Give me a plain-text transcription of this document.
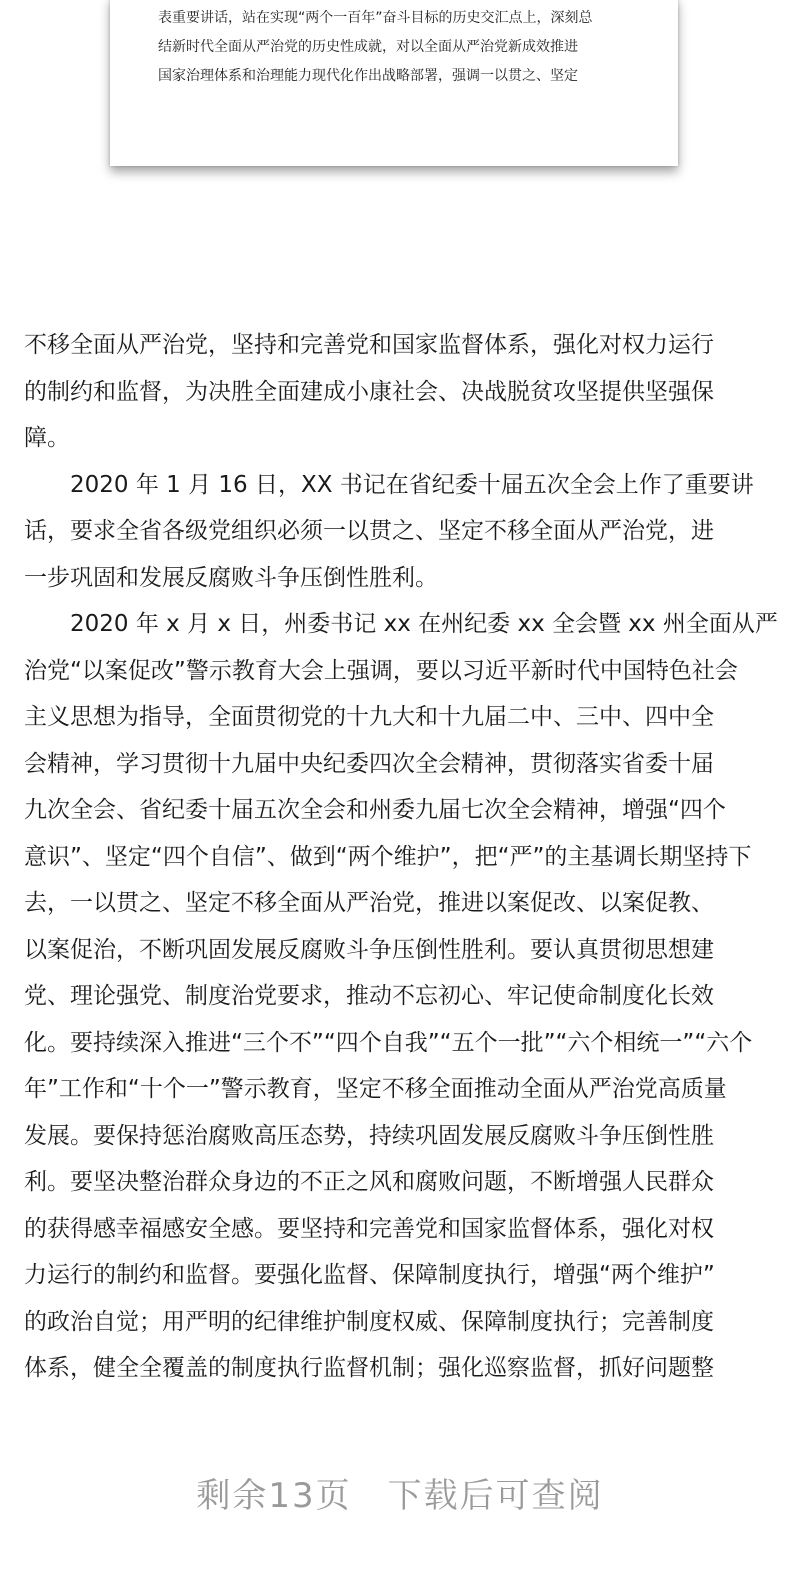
表重要讲话，站在实现“两个一百年”奋斗目标的历史交汇点上，深刻总
结新时代全面从严治党的历史性成就，对以全面从严治党新成效推进
国家治理体系和治理能力现代化作出战略部署，强调一以贯之、坚定
不移全面从严治党，坚持和完善党和国家监督体系，强化对权力运行
的制约和监督，为决胜全面建成小康社会、决战脱贫攻坚提供坚强保
障。
　　2020 年 1 月 16 日，XX 书记在省纪委十届五次全会上作了重要讲
话，要求全省各级党组织必须一以贯之、坚定不移全面从严治党，进
一步巩固和发展反腐败斗争压倒性胜利。
　　2020 年 x 月 x 日，州委书记 xx 在州纪委 xx 全会暨 xx 州全面从严
治党“以案促改”警示教育大会上强调，要以习近平新时代中国特色社会
主义思想为指导，全面贯彻党的十九大和十九届二中、三中、四中全
会精神，学习贯彻十九届中央纪委四次全会精神，贯彻落实省委十届
九次全会、省纪委十届五次全会和州委九届七次全会精神，增强“四个
意识”、坚定“四个自信”、做到“两个维护”，把“严”的主基调长期坚持下
去，一以贯之、坚定不移全面从严治党，推进以案促改、以案促教、
以案促治，不断巩固发展反腐败斗争压倒性胜利。要认真贯彻思想建
党、理论强党、制度治党要求，推动不忘初心、牢记使命制度化长效
化。要持续深入推进“三个不”“四个自我”“五个一批”“六个相统一”“六个
年”工作和“十个一”警示教育，坚定不移全面推动全面从严治党高质量
发展。要保持惩治腐败高压态势，持续巩固发展反腐败斗争压倒性胜
利。要坚决整治群众身边的不正之风和腐败问题，不断增强人民群众
的获得感幸福感安全感。要坚持和完善党和国家监督体系，强化对权
力运行的制约和监督。要强化监督、保障制度执行，增强“两个维护”
的政治自觉；用严明的纪律维护制度权威、保障制度执行；完善制度
体系，健全全覆盖的制度执行监督机制；强化巡察监督，抓好问题整
剩余13页　下载后可查阅
